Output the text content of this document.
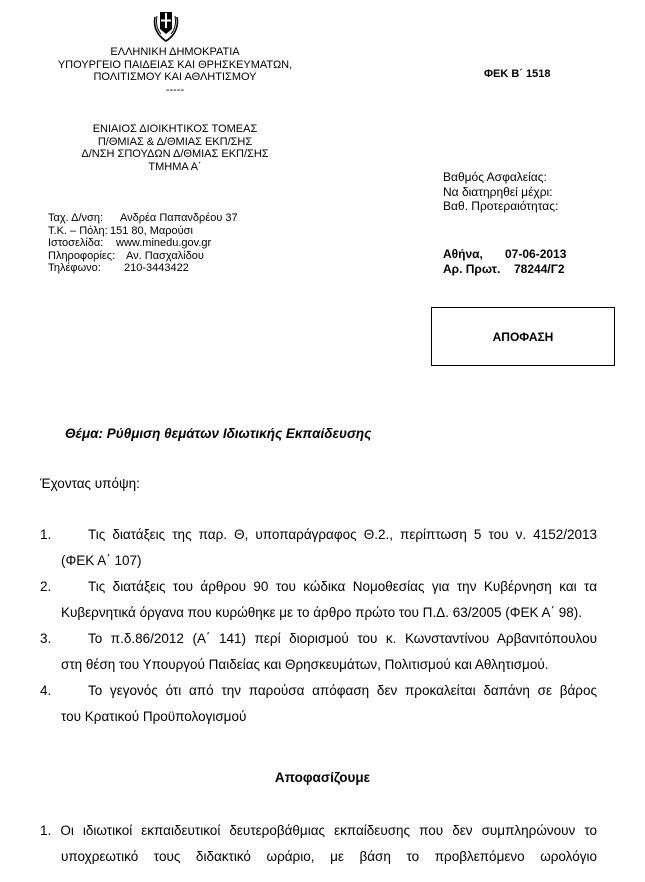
ΕΛΛΗΝΙΚΗ ΔΗΜΟΚΡΑΤΙΑ
ΥΠΟΥΡΓΕΙΟ ΠΑΙΔΕΙΑΣ ΚΑΙ ΘΡΗΣΚΕΥΜΑΤΩΝ,
ΠΟΛΙΤΙΣΜΟΥ ΚΑΙ ΑΘΛΗΤΙΣΜΟΥ
-----
ΦΕΚ Β΄ 1518
ΕΝΙΑΙΟΣ ΔΙΟΙΚΗΤΙΚΟΣ ΤΟΜΕΑΣ
Π/ΘΜΙΑΣ & Δ/ΘΜΙΑΣ ΕΚΠ/ΣΗΣ
Δ/ΝΣΗ ΣΠΟΥΔΩΝ Δ/ΘΜΙΑΣ ΕΚΠ/ΣΗΣ
ΤΜΗΜΑ Α΄
Βαθμός Ασφαλείας:
Να διατηρηθεί μέχρι:
Βαθ. Προτεραιότητας:
Ταχ. Δ/νση: Ανδρέα Παπανδρέου 37
Τ.Κ. – Πόλη: 151 80, Μαρούσι
Ιστοσελίδα: www.minedu.gov.gr
Πληροφορίες: Αν. Πασχαλίδου
Τηλέφωνο: 210-3443422
Αθήνα, 07-06-2013
Αρ. Πρωτ. 78244/Γ2
ΑΠΟΦΑΣΗ
Θέμα: Ρύθμιση θεμάτων Ιδιωτικής Εκπαίδευσης
Έχοντας υπόψη:
1.	Τις διατάξεις της παρ. Θ, υποπαράγραφος Θ.2., περίπτωση 5 του ν. 4152/2013
(ΦΕΚ Α΄ 107)
2.	Τις διατάξεις του άρθρου 90 του κώδικα Νομοθεσίας για την Κυβέρνηση και τα
Κυβερνητικά όργανα που κυρώθηκε με το άρθρο πρώτο του Π.Δ. 63/2005 (ΦΕΚ Α΄ 98).
3.	Το π.δ.86/2012 (Α΄ 141) περί διορισμού του κ. Κωνσταντίνου Αρβανιτόπουλου
στη θέση του Υπουργού Παιδείας και Θρησκευμάτων, Πολιτισμού και Αθλητισμού.
4.	Το γεγονός ότι από την παρούσα απόφαση δεν προκαλείται δαπάνη σε βάρος
του Κρατικού Προϋπολογισμού
Αποφασίζουμε
1. Οι ιδιωτικοί εκπαιδευτικοί δευτεροβάθμιας εκπαίδευσης που δεν συμπληρώνουν το
υποχρεωτικό τους διδακτικό ωράριο, με βάση το προβλεπόμενο ωρολόγιο
